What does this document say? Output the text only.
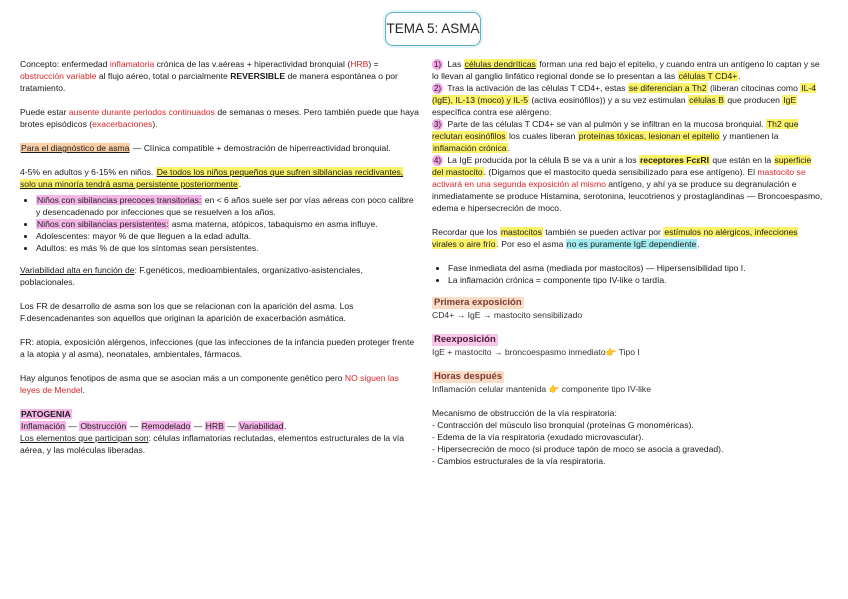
TEMA 5: ASMA

Concepto: enfermedad inflamatoria crónica de las v.aéreas + hiperactividad bronquial (HRB) = obstrucción variable al flujo aéreo, total o parcialmente REVERSIBLE de manera espontánea o por tratamiento.

Puede estar ausente durante periodos continuados de semanas o meses. Pero también puede que haya brotes episódicos (exacerbaciones).

Para el diagnóstico de asma — Clínica compatible + demostración de hiperreactividad bronquial.

4-5% en adultos y 6-15% en niños. De todos los niños pequeños que sufren sibilancias recidivantes, solo una minoría tendrá asma persistente posteriormente.

• Niños con sibilancias precoces transitorias: en < 6 años suele ser por vías aéreas con poco calibre y desencadenado por infecciones que se resuelven a los años.
• Niños con sibilancias persistentes: asma materna, atópicos, tabaquismo en asma influye.
• Adolescentes: mayor % de que lleguen a la edad adulta.
• Adultos: es más % de que los síntomas sean persistentes.

Variabilidad alta en función de: F.genéticos, medioambientales, organizativo-asistenciales, poblacionales.

Los FR de desarrollo de asma son los que se relacionan con la aparición del asma. Los F.desencadenantes son aquellos que originan la aparición de exacerbación asmática.

FR: atopia, exposición alérgenos, infecciones (que las infecciones de la infancia pueden proteger frente a la atopia y al asma), neonatales, ambientales, fármacos.

Hay algunos fenotipos de asma que se asocian más a un componente genético pero NO siguen las leyes de Mendel.

PATOGENIA
Inflamación — Obstrucción — Remodelado — HRB — Variabilidad.
Los elementos que participan son: células inflamatorias reclutadas, elementos estructurales de la vía aérea, y las moléculas liberadas.
1) Las células dendríticas forman una red bajo el epitelio, y cuando entra un antígeno lo captan y se lo llevan al ganglio linfático regional donde se lo presentan a las células T CD4+.
2) Tras la activación de las células T CD4+, estas se diferencian a Th2 (liberan citocinas como IL-4 (IgE), IL-13 (moco) y IL-5 (activa eosinófilos)) y a su vez estimulan células B que producen IgE específica contra ese alérgeno.
3) Parte de las células T CD4+ se van al pulmón y se infiltran en la mucosa bronquial. Th2 que reclutan eosinófilos los cuales liberan proteínas tóxicas, lesionan el epitelio y mantienen la inflamación crónica.
4) La IgE producida por la célula B se va a unir a los receptores FcεRI que están en la superficie del mastocito. (Digamos que el mastocito queda sensibilizado para ese antígeno). El mastocito se activará en una segunda exposición al mismo antígeno, y ahí ya se produce su degranulación e inmediatamente se produce Histamina, serotonina, leucotrienos y prostaglandinas — Broncoespasmo, edema e hipersecreción de moco.

Recordar que los mastocitos también se pueden activar por estímulos no alérgicos, infecciones virales o aire frío. Por eso el asma no es puramente IgE dependiente.

• Fase inmediata del asma (mediada por mastocitos) — Hipersensibilidad tipo I.
• La inflamación crónica = componente tipo IV-like o tardía.
Primera exposición
CD4+ → IgE → mastocito sensibilizado
Reexposición
IgE + mastocito → broncoespasmo inmediato👉 Tipo I
Horas después
Inflamación celular mantenida 👉 componente tipo IV-like
Mecanismo de obstrucción de la vía respiratoria:
- Contracción del músculo liso bronquial (proteínas G monoméricas).
- Edema de la vía respiratoria (exudado microvascular).
- Hipersecreción de moco (si produce tapón de moco se asocia a gravedad).
- Cambios estructurales de la vía respiratoria.
